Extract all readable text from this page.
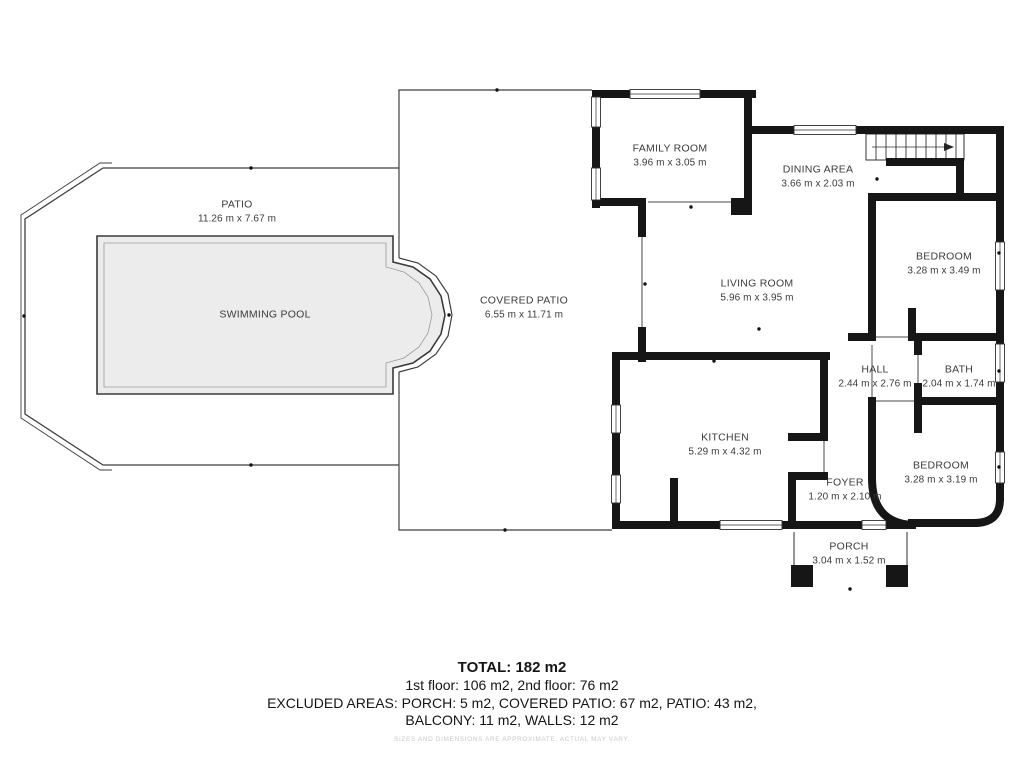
PATIO
11.26 m x 7.67 m
SWIMMING POOL
COVERED PATIO
6.55 m x 11.71 m
FAMILY ROOM
3.96 m x 3.05 m
DINING AREA
3.66 m x 2.03 m
LIVING ROOM
5.96 m x 3.95 m
BEDROOM
3.28 m x 3.49 m
HALL
2.44 m x 2.76 m
BATH
2.04 m x 1.74 m
KITCHEN
5.29 m x 4.32 m
BEDROOM
3.28 m x 3.19 m
FOYER
1.20 m x 2.10 m
PORCH
3.04 m x 1.52 m
TOTAL: 182 m2
1st floor: 106 m2, 2nd floor: 76 m2
EXCLUDED AREAS: PORCH: 5 m2, COVERED PATIO: 67 m2, PATIO: 43 m2,
BALCONY: 11 m2, WALLS: 12 m2
SIZES AND DIMENSIONS ARE APPROXIMATE, ACTUAL MAY VARY.
